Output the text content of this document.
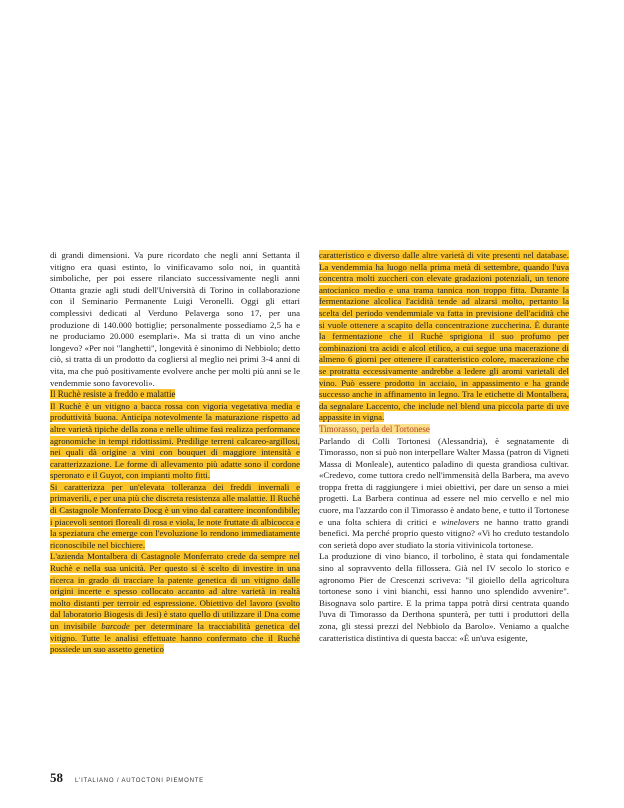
di grandi dimensioni. Va pure ricordato che negli anni Settanta il vitigno era quasi estinto, lo vinificavamo solo noi, in quantità simboliche, per poi essere rilanciato successivamente negli anni Ottanta grazie agli studi dell'Università di Torino in collaborazione con il Seminario Permanente Luigi Veronelli. Oggi gli ettari complessivi dedicati al Verduno Pelaverga sono 17, per una produzione di 140.000 bottiglie; personalmente possediamo 2,5 ha e ne produciamo 20.000 esemplari». Ma si tratta di un vino anche longevo? «Per noi "langhetti", longevità è sinonimo di Nebbiolo; detto ciò, si tratta di un prodotto da cogliersi al meglio nei primi 3-4 anni di vita, ma che può positivamente evolvere anche per molti più anni se le vendemmie sono favorevoli».

Il Ruchè resiste a freddo e malattie

Il Ruchè è un vitigno a bacca rossa con vigoria vegetativa media e produttività buona. Anticipa notevolmente la maturazione rispetto ad altre varietà tipiche della zona e nelle ultime fasi realizza performance agronomiche in tempi ridottissimi. Predilige terreni calcareo-argillosi, nei quali dà origine a vini con bouquet di maggiore intensità e caratterizzazione. Le forme di allevamento più adatte sono il cordone speronato e il Guyot, con impianti molto fitti.

Si caratterizza per un'elevata tolleranza dei freddi invernali e primaverili, e per una più che discreta resistenza alle malattie. Il Ruchè di Castagnole Monferrato Docg è un vino dal carattere inconfondibile; i piacevoli sentori floreali di rosa e viola, le note fruttate di albicocca e la speziatura che emerge con l'evoluzione lo rendono immediatamente riconoscibile nel bicchiere.

L'azienda Montalbera di Castagnole Monferrato crede da sempre nel Ruchè e nella sua unicità. Per questo si è scelto di investire in una ricerca in grado di tracciare la patente genetica di un vitigno dalle origini incerte e spesso collocato accanto ad altre varietà in realtà molto distanti per terroir ed espressione. Obiettivo del lavoro (svolto dal laboratorio Biogesis di Jesi) è stato quello di utilizzare il Dna come un invisibile barcode per determinare la tracciabilità genetica del vitigno. Tutte le analisi effettuate hanno confermato che il Ruchè possiede un suo assetto genetico

caratteristico e diverso dalle altre varietà di vite presenti nel database. La vendemmia ha luogo nella prima metà di settembre, quando l'uva concentra molti zuccheri con elevate gradazioni potenziali, un tenore antocianico medio e una trama tannica non troppo fitta. Durante la fermentazione alcolica l'acidità tende ad alzarsi molto, pertanto la scelta del periodo vendemmiale va fatta in previsione dell'acidità che si vuole ottenere a scapito della concentrazione zuccherina. È durante la fermentazione che il Ruchè sprigiona il suo profumo per combinazioni tra acidi e alcol etilico, a cui segue una macerazione di almeno 6 giorni per ottenere il caratteristico colore, macerazione che se protratta eccessivamente andrebbe a ledere gli aromi varietali del vino. Può essere prodotto in acciaio, in appassimento e ha grande successo anche in affinamento in legno. Tra le etichette di Montalbera, da segnalare Laccento, che include nel blend una piccola parte di uve appassite in vigna.

Timorasso, perla del Tortonese

Parlando di Colli Tortonesi (Alessandria), è segnatamente di Timorasso, non si può non interpellare Walter Massa (patron di Vigneti Massa di Monleale), autentico paladino di questa grandiosa cultivar. «Credevo, come tuttora credo nell'immensità della Barbera, ma avevo troppa fretta di raggiungere i miei obiettivi, per dare un senso a miei progetti. La Barbera continua ad essere nel mio cervello e nel mio cuore, ma l'azzardo con il Timorasso è andato bene, e tutto il Tortonese e una folta schiera di critici e winelovers ne hanno tratto grandi benefici. Ma perché proprio questo vitigno? «Vi ho creduto testandolo con serietà dopo aver studiato la storia vitivinicola tortonese.

La produzione di vino bianco, il torbolino, è stata qui fondamentale sino al sopravvento della fillossera. Già nel IV secolo lo storico e agronomo Pier de Crescenzi scriveva: "il gioiello della agricoltura tortonese sono i vini bianchi, essi hanno uno splendido avvenire". Bisognava solo partire. E la prima tappa potrà dirsi centrata quando l'uva di Timorasso da Derthona spunterà, per tutti i produttori della zona, gli stessi prezzi del Nebbiolo da Barolo». Veniamo a qualche caratteristica distintiva di questa bacca: «È un'uva esigente,

58 L'ITALIANO / AUTOCTONI PIEMONTE
